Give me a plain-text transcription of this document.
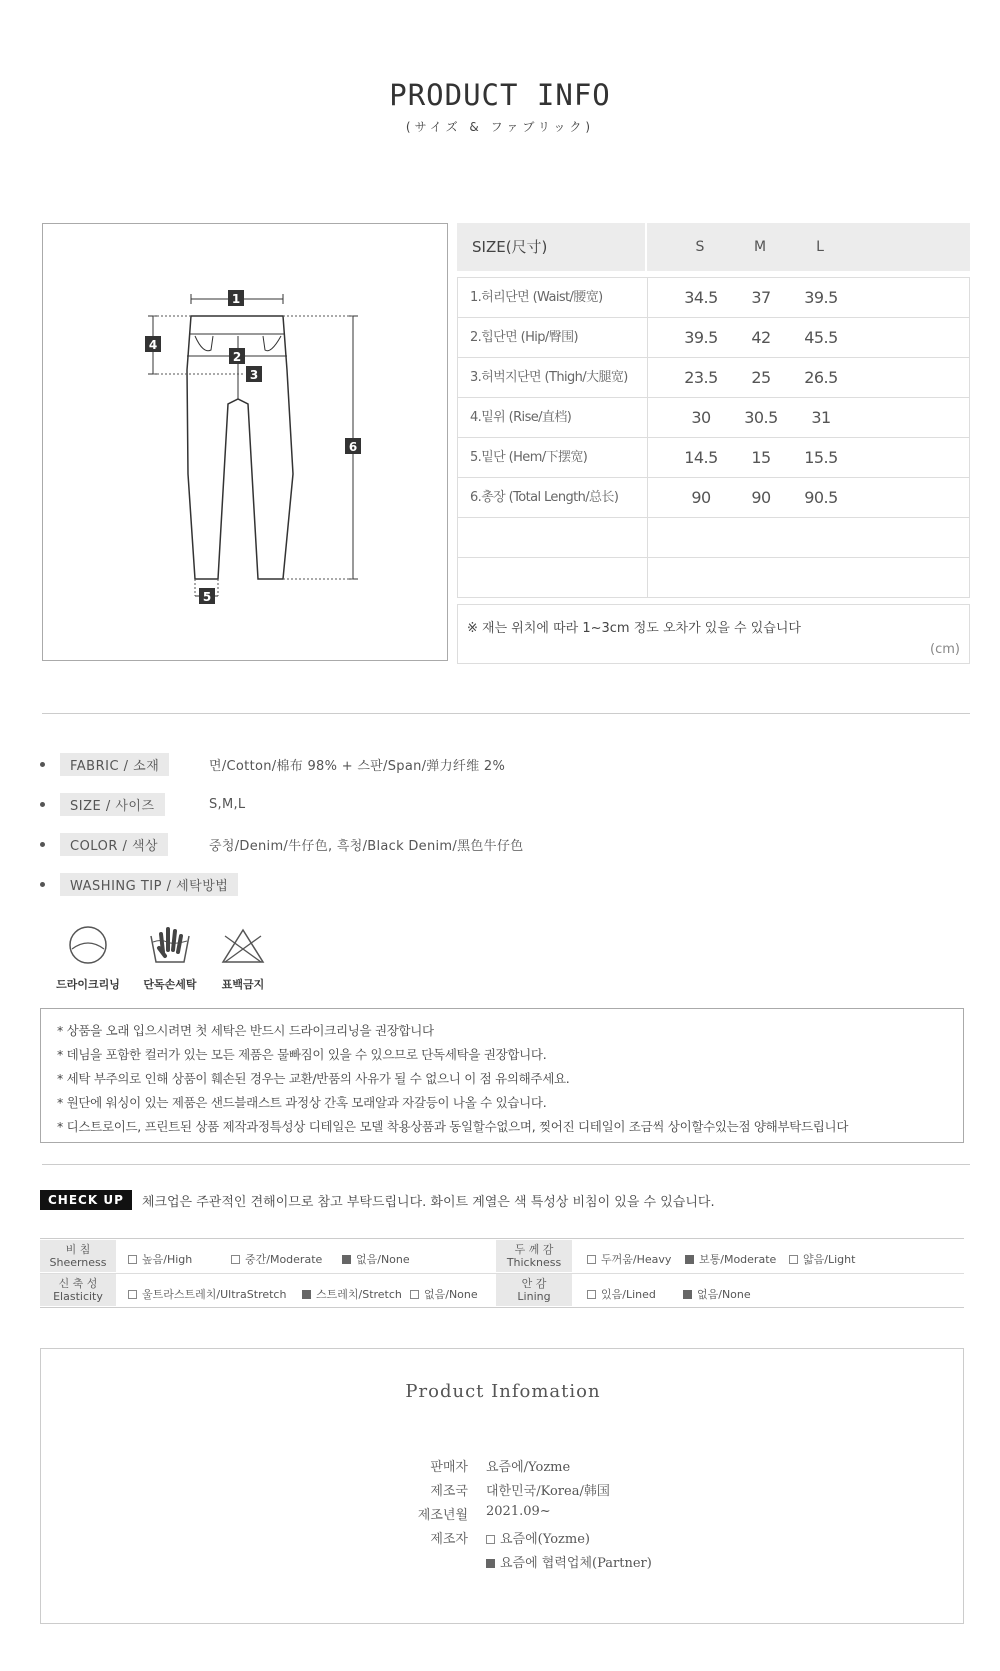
PRODUCT INFO
(サイズ & ファブリック)
1
2
3
4
5
6
SIZE(尺寸)	S	M	L
1.허리단면 (Waist/腰宽)	34.5	37	39.5
2.힙단면 (Hip/臀围)	39.5	42	45.5
3.허벅지단면 (Thigh/大腿宽)	23.5	25	26.5
4.밑위 (Rise/直档)	30	30.5	31
5.밑단 (Hem/下摆宽)	14.5	15	15.5
6.총장 (Total Length/总长)	90	90	90.5
※ 재는 위치에 따라 1~3cm 정도 오차가 있을 수 있습니다
(cm)
FABRIC / 소재	면/Cotton/棉布 98% + 스판/Span/弹力纤维 2%
SIZE / 사이즈	S,M,L
COLOR / 색상	중청/Denim/牛仔色, 흑청/Black Denim/黑色牛仔色
WASHING TIP / 세탁방법
드라이크리닝	단독손세탁	표백금지
* 상품을 오래 입으시려면 첫 세탁은 반드시 드라이크리닝을 권장합니다
* 데님을 포함한 컬러가 있는 모든 제품은 물빠짐이 있을 수 있으므로 단독세탁을 권장합니다.
* 세탁 부주의로 인해 상품이 훼손된 경우는 교환/반품의 사유가 될 수 없으니 이 점 유의해주세요.
* 원단에 워싱이 있는 제품은 샌드블래스트 과정상 간혹 모래알과 자갈등이 나올 수 있습니다.
* 디스트로이드, 프린트된 상품 제작과정특성상 디테일은 모델 착용상품과 동일할수없으며, 찢어진 디테일이 조금씩 상이할수있는점 양해부탁드립니다
CHECK UP	체크업은 주관적인 견해이므로 참고 부탁드립니다. 화이트 계열은 색 특성상 비침이 있을 수 있습니다.
비 침
Sheerness	높음/High	중간/Moderate	없음/None
두 께 감
Thickness	두꺼움/Heavy	보통/Moderate	얇음/Light
신 축 성
Elasticity	울트라스트레치/UltraStretch	스트레치/Stretch	없음/None
안 감
Lining	있음/Lined	없음/None
Product Infomation
판매자 요즘에/Yozme
제조국 대한민국/Korea/韩国
제조년월 2021.09~
제조자	요즘에(Yozme)
요즘에 협력업체(Partner)
